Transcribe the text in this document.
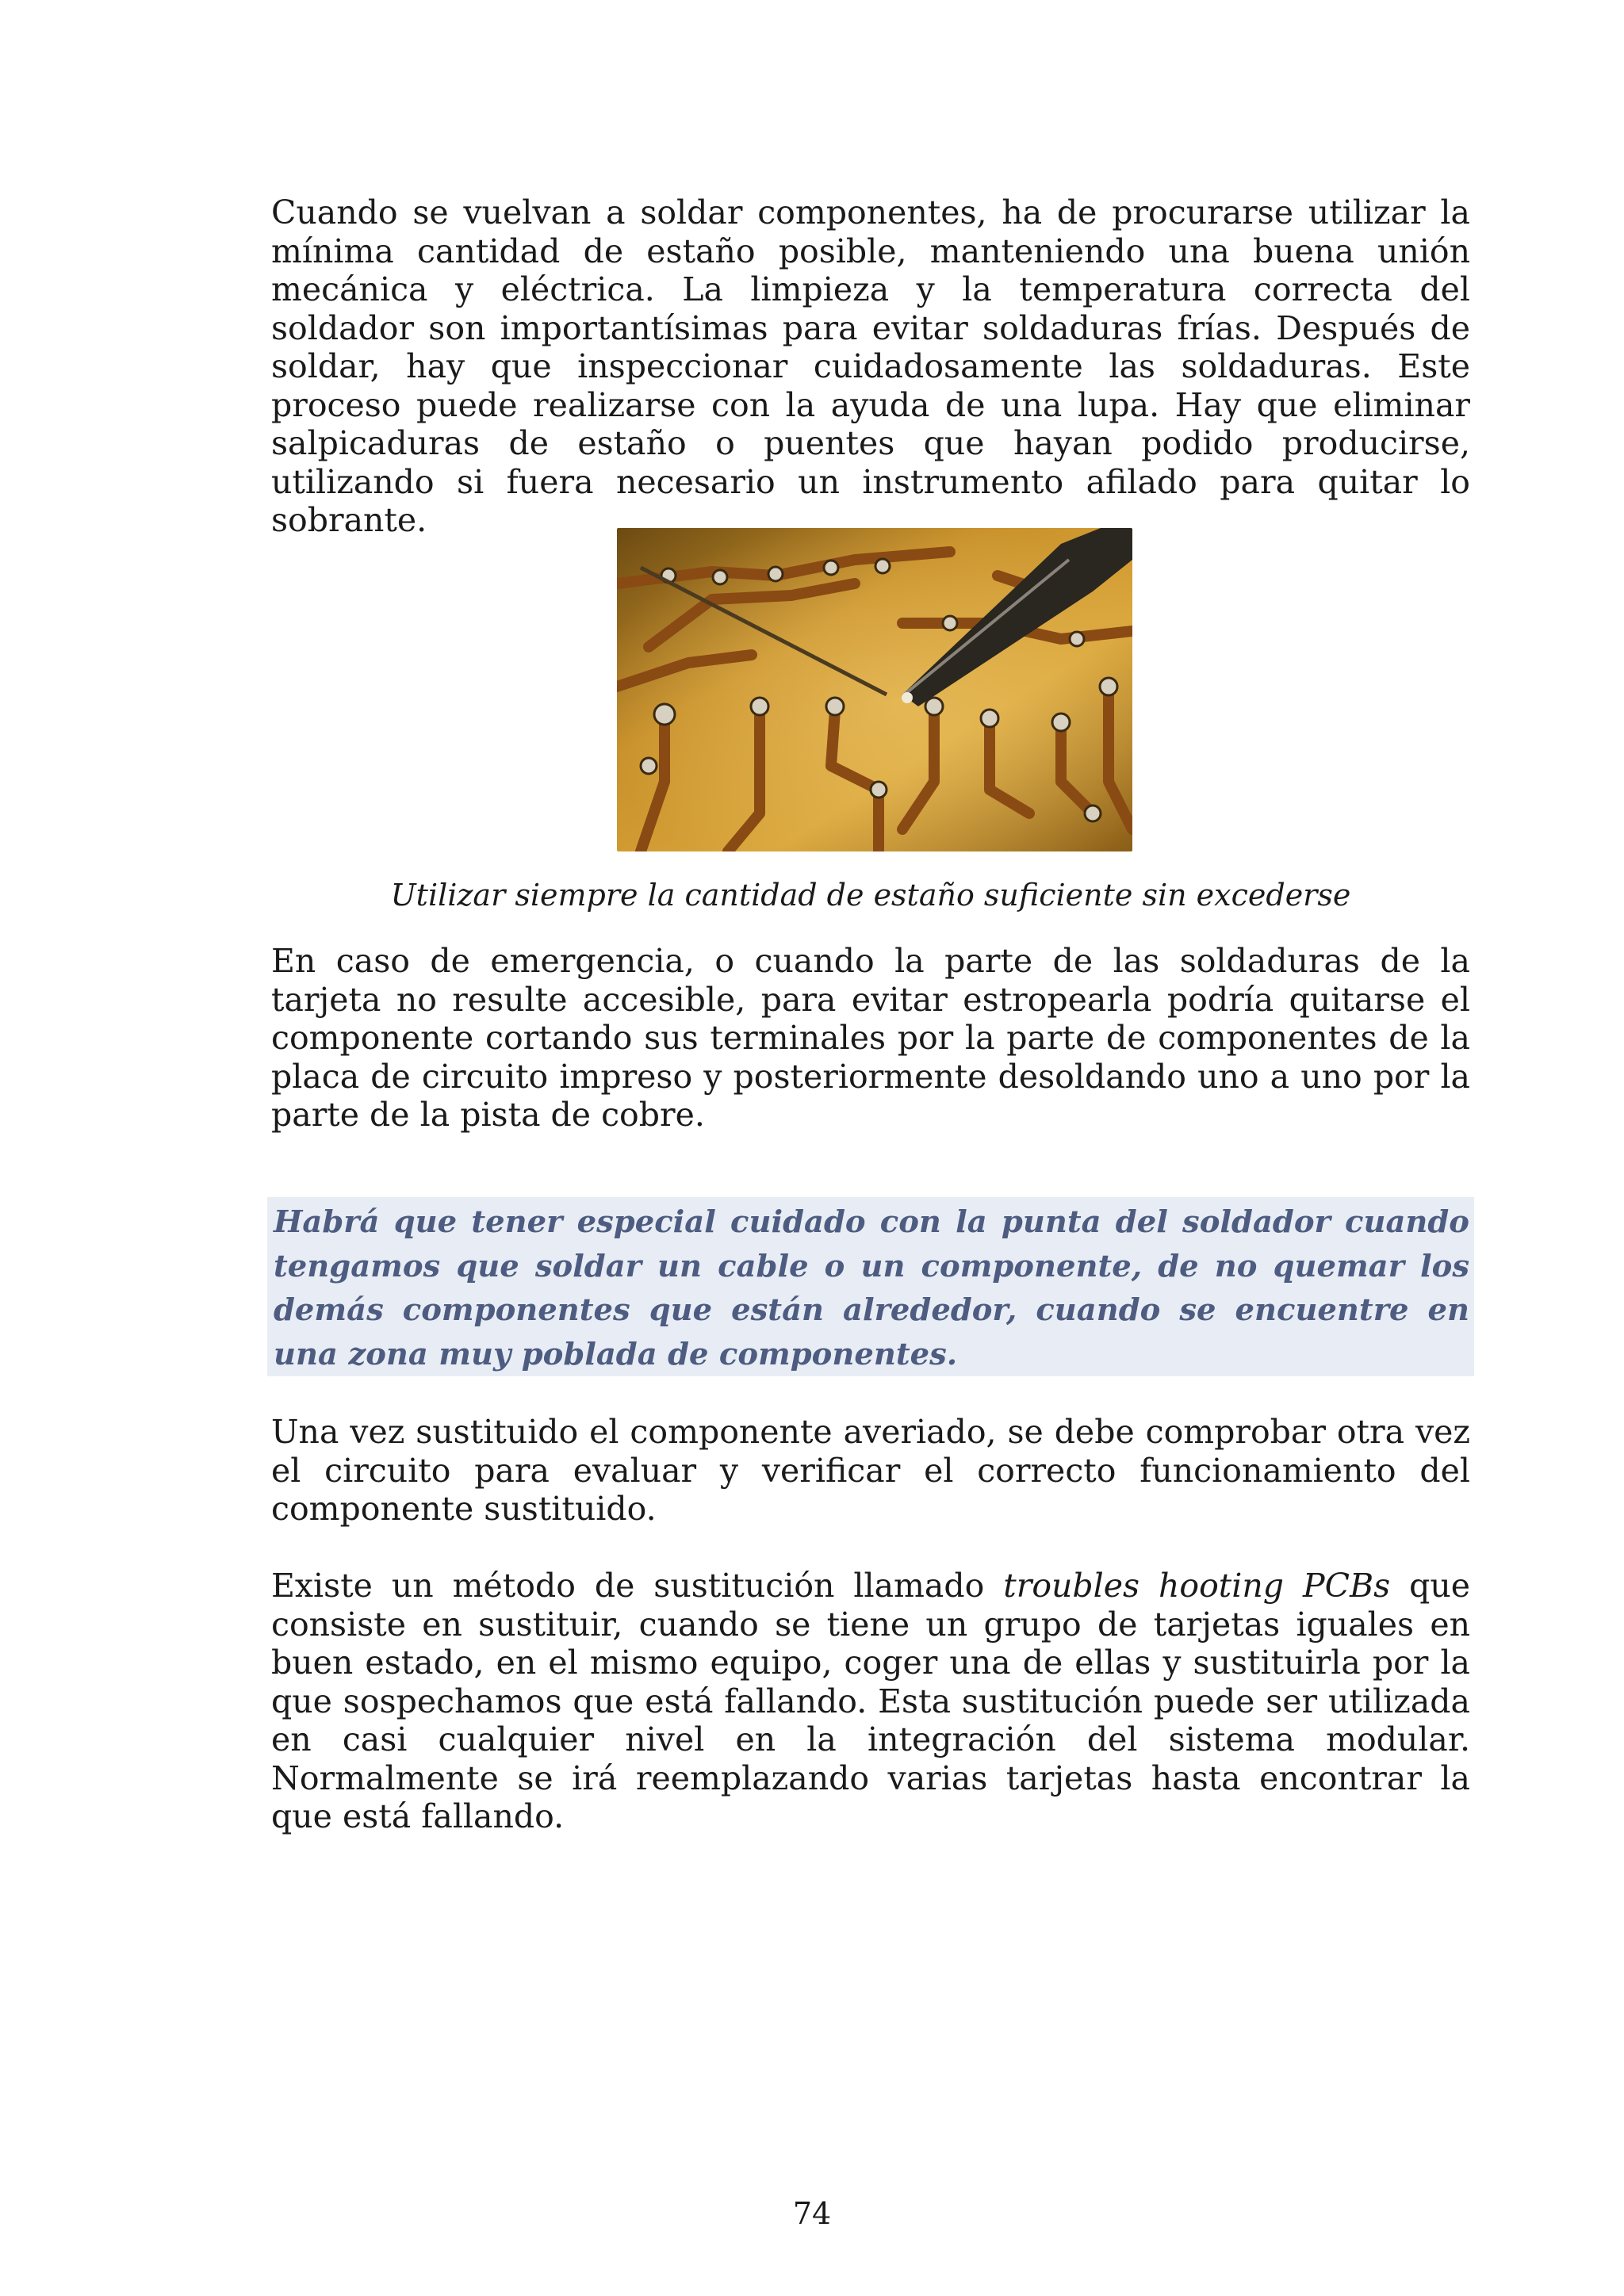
Cuando se vuelvan a soldar componentes, ha de procurarse utilizar la mínima cantidad de estaño posible, manteniendo una buena unión mecánica y eléctrica. La limpieza y la temperatura correcta del soldador son importantísimas para evitar soldaduras frías. Después de soldar, hay que inspeccionar cuidadosamente las soldaduras. Este proceso puede realizarse con la ayuda de una lupa. Hay que eliminar salpicaduras de estaño o puentes que hayan podido producirse, utilizando si fuera necesario un instrumento afilado para quitar lo sobrante.

Utilizar siempre la cantidad de estaño suficiente sin excederse

En caso de emergencia, o cuando la parte de las soldaduras de la tarjeta no resulte accesible, para evitar estropearla podría quitarse el componente cortando sus terminales por la parte de componentes de la placa de circuito impreso y posteriormente desoldando uno a uno por la parte de la pista de cobre.

Habrá que tener especial cuidado con la punta del soldador cuando tengamos que soldar un cable o un componente, de no quemar los demás componentes que están alrededor, cuando se encuentre en una zona muy poblada de componentes.

Una vez sustituido el componente averiado, se debe comprobar otra vez el circuito para evaluar y verificar el correcto funcionamiento del componente sustituido.

Existe un método de sustitución llamado troubles hooting PCBs que consiste en sustituir, cuando se tiene un grupo de tarjetas iguales en buen estado, en el mismo equipo, coger una de ellas y sustituirla por la que sospechamos que está fallando. Esta sustitución puede ser utilizada en casi cualquier nivel en la integración del sistema modular. Normalmente se irá reemplazando varias tarjetas hasta encontrar la que está fallando.

74
